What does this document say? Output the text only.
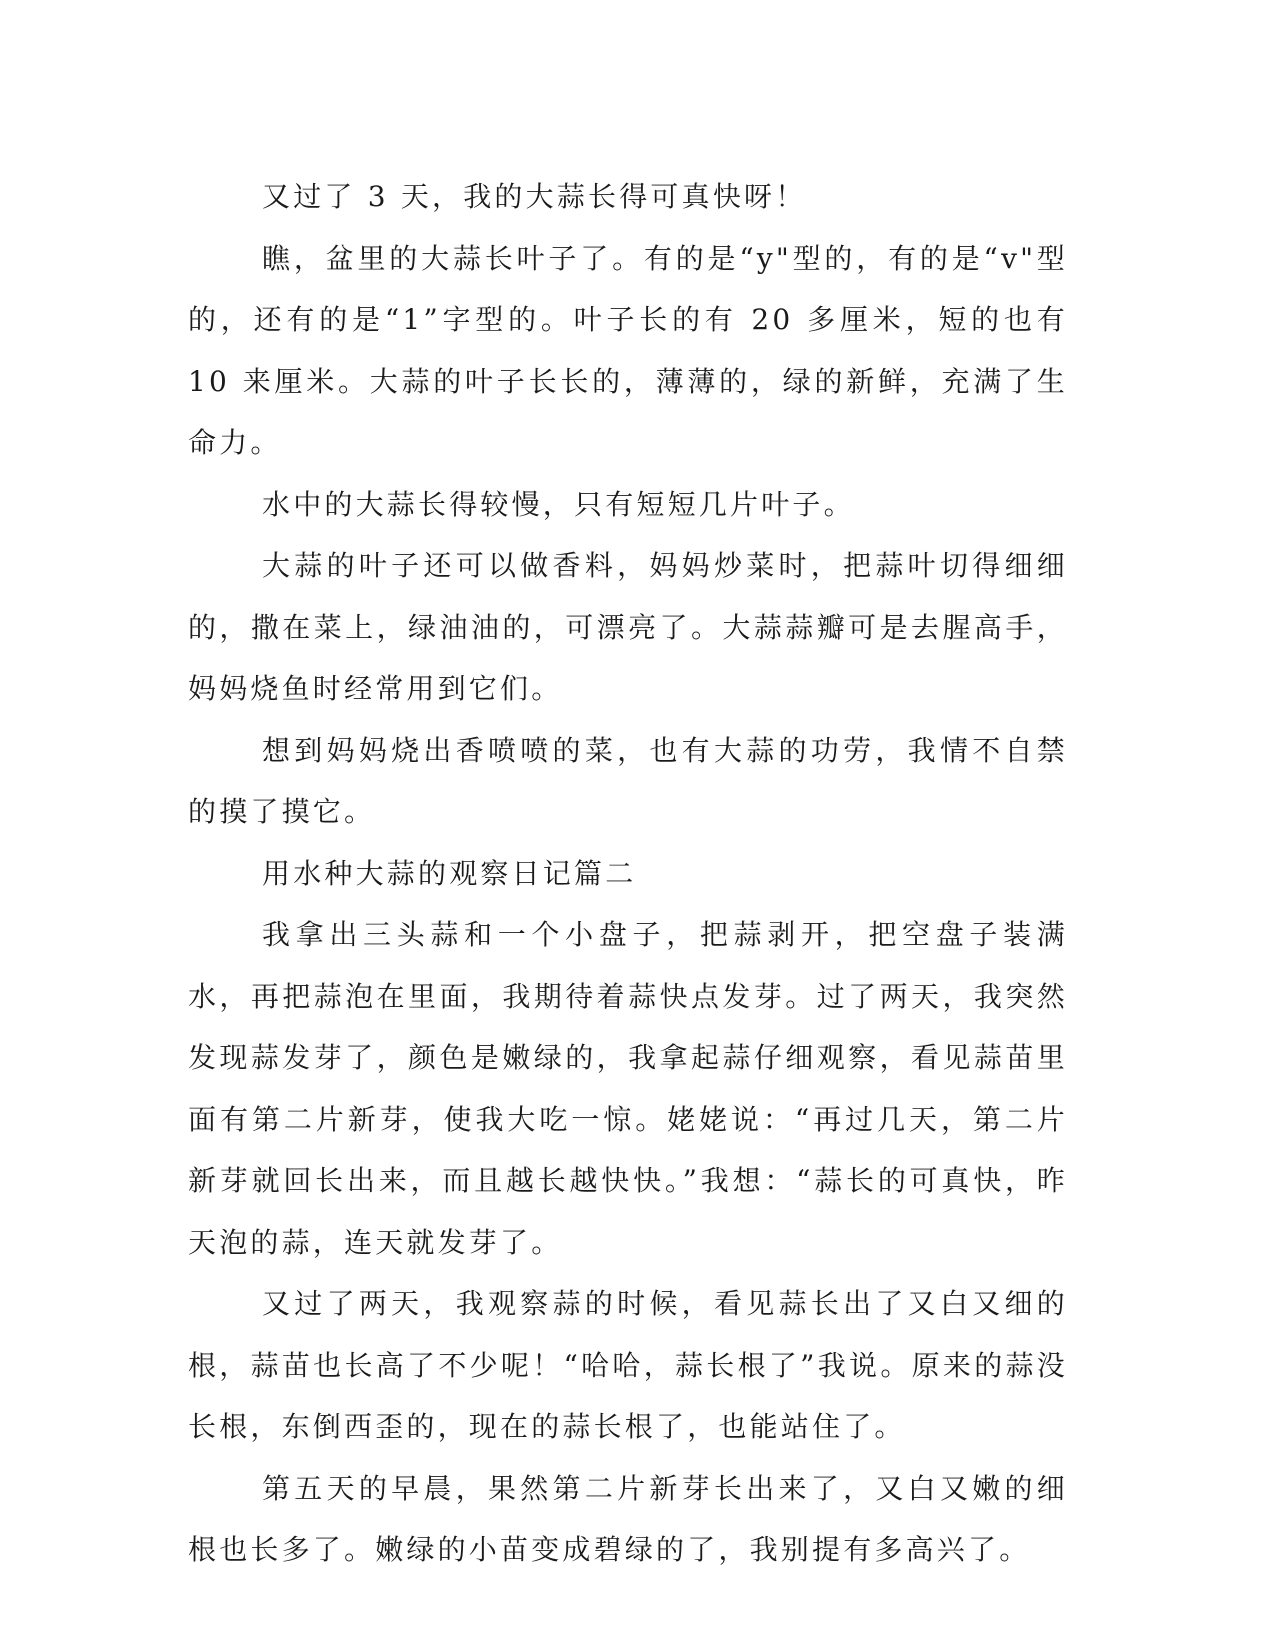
又过了 3 天，我的大蒜长得可真快呀！

瞧，盆里的大蒜长叶子了。有的是“y"型的，有的是“v"型的，还有的是“1”字型的。叶子长的有 20 多厘米，短的也有 10 来厘米。大蒜的叶子长长的，薄薄的，绿的新鲜，充满了生命力。

水中的大蒜长得较慢，只有短短几片叶子。

大蒜的叶子还可以做香料，妈妈炒菜时，把蒜叶切得细细的，撒在菜上，绿油油的，可漂亮了。大蒜蒜瓣可是去腥高手，妈妈烧鱼时经常用到它们。

想到妈妈烧出香喷喷的菜，也有大蒜的功劳，我情不自禁的摸了摸它。

用水种大蒜的观察日记篇二

我拿出三头蒜和一个小盘子，把蒜剥开，把空盘子装满水，再把蒜泡在里面，我期待着蒜快点发芽。过了两天，我突然发现蒜发芽了，颜色是嫩绿的，我拿起蒜仔细观察，看见蒜苗里面有第二片新芽，使我大吃一惊。姥姥说：“再过几天，第二片新芽就回长出来，而且越长越快快。”我想：“蒜长的可真快，昨天泡的蒜，连天就发芽了。

又过了两天，我观察蒜的时候，看见蒜长出了又白又细的根，蒜苗也长高了不少呢！“哈哈，蒜长根了”我说。原来的蒜没长根，东倒西歪的，现在的蒜长根了，也能站住了。

第五天的早晨，果然第二片新芽长出来了，又白又嫩的细根也长多了。嫩绿的小苗变成碧绿的了，我别提有多高兴了。
